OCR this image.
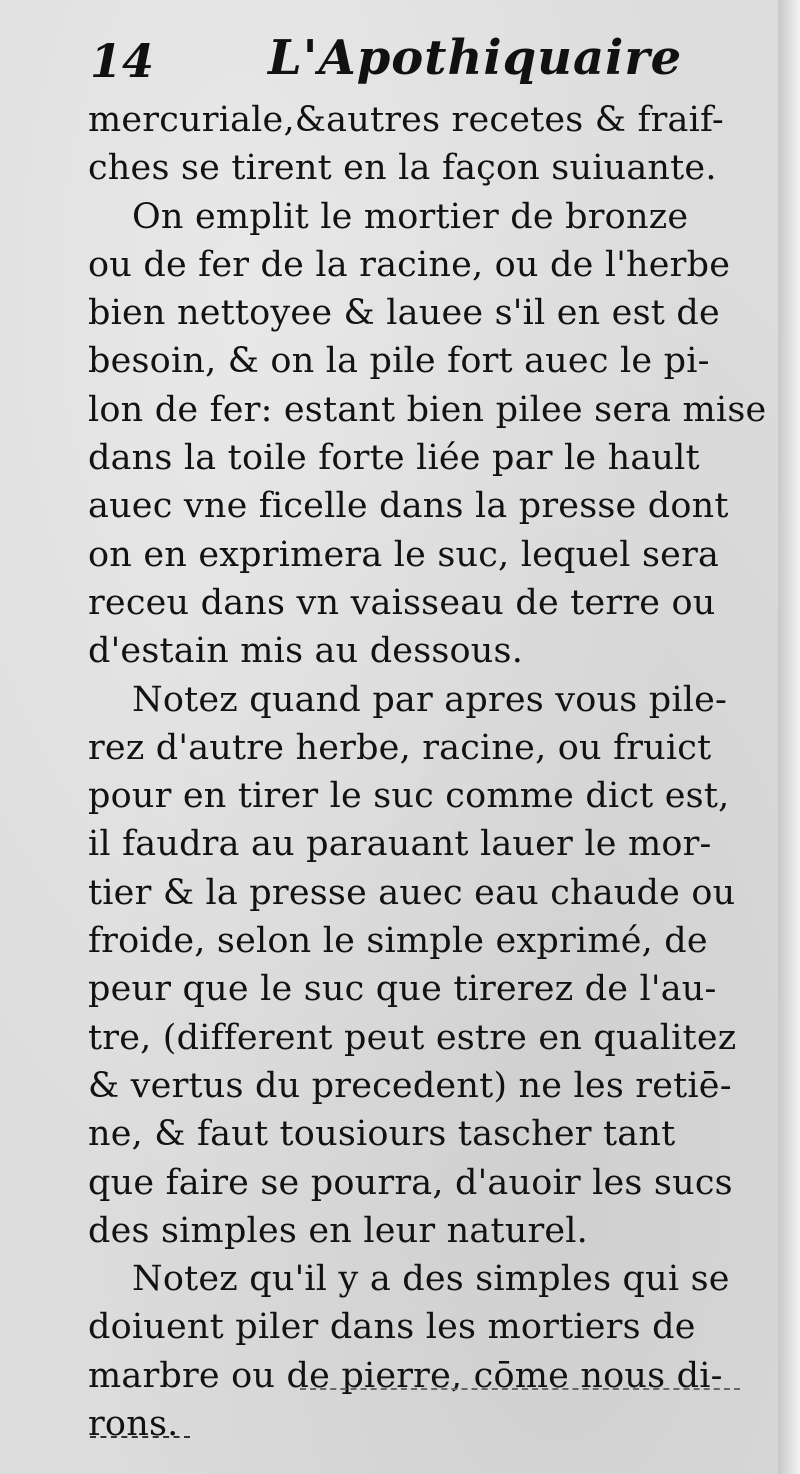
14 L'Apothiquaire
mercuriale,&autres recetes & fraif-
ches se tirent en la façon suiuante.
On emplit le mortier de bronze
ou de fer de la racine, ou de l'herbe
bien nettoyee & lauee s'il en est de
besoin, & on la pile fort auec le pi-
lon de fer: estant bien pilee sera mise
dans la toile forte liée par le hault
auec vne ficelle dans la presse dont
on en exprimera le suc, lequel sera
receu dans vn vaisseau de terre ou
d'estain mis au dessous.
Notez quand par apres vous pile-
rez d'autre herbe, racine, ou fruict
pour en tirer le suc comme dict est,
il faudra au parauant lauer le mor-
tier & la presse auec eau chaude ou
froide, selon le simple exprimé, de
peur que le suc que tirerez de l'au-
tre, (different peut estre en qualitez
& vertus du precedent) ne les retiē-
ne, & faut tousiours tascher tant
que faire se pourra, d'auoir les sucs
des simples en leur naturel.
Notez qu'il y a des simples qui se
doiuent piler dans les mortiers de
marbre ou de pierre, cōme nous di-
rons.
